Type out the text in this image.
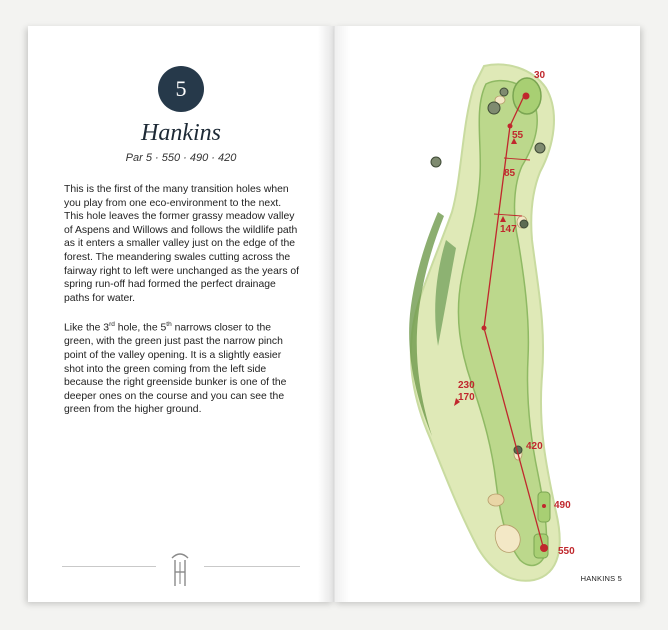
5
Hankins
Par 5 · 550 · 490 · 420

This is the first of the many transition holes when you play from one eco-environment to the next. This hole leaves the former grassy meadow valley of Aspens and Willows and follows the wildlife path as it enters a smaller valley just on the edge of the forest. The meandering swales cutting across the fairway right to left were unchanged as the years of spring run-off had formed the perfect drainage paths for water.

Like the 3rd hole, the 5th narrows closer to the green, with the green just past the narrow pinch point of the valley opening. It is a slightly easier shot into the green coming from the left side because the right greenside bunker is one of the deeper ones on the course and you can see the green from the higher ground.

30
55
85
147
230
170
420
490
550
HANKINS 5
